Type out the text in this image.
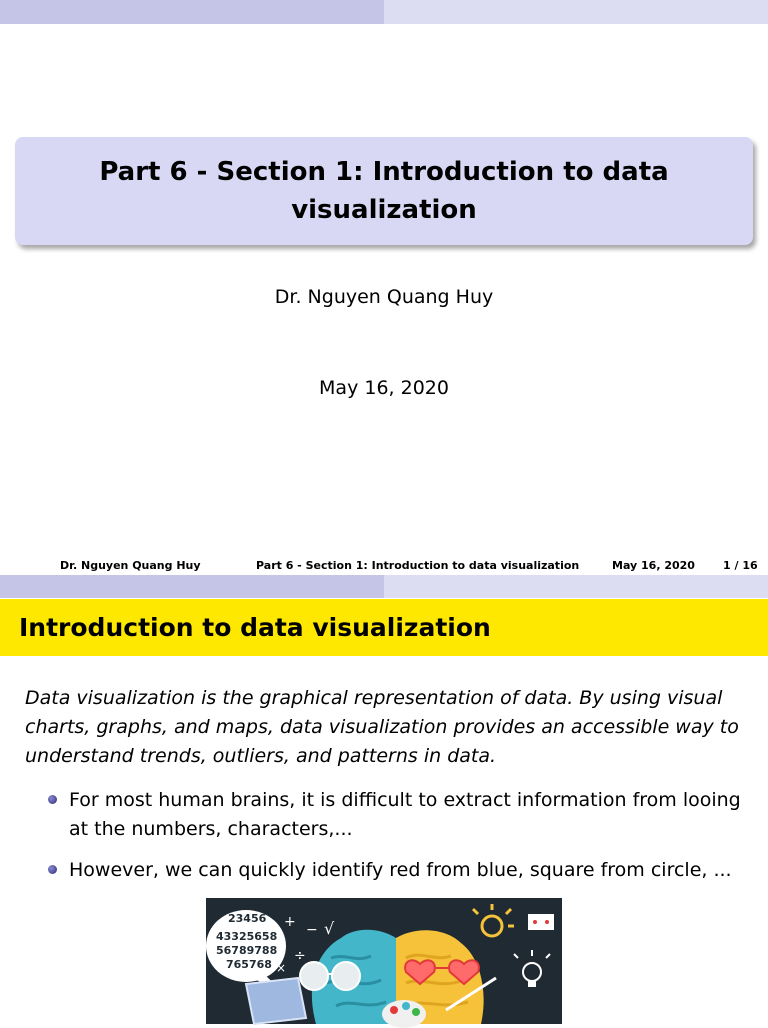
Part 6 - Section 1: Introduction to data visualization
Dr. Nguyen Quang Huy
May 16, 2020
Dr. Nguyen Quang Huy	Part 6 - Section 1: Introduction to data visualization	May 16, 2020	1 / 16
Introduction to data visualization
Data visualization is the graphical representation of data. By using visual charts, graphs, and maps, data visualization provides an accessible way to understand trends, outliers, and patterns in data.
For most human brains, it is difficult to extract information from looing at the numbers, characters,...
However, we can quickly identify red from blue, square from circle, ...
23456
43325658
56789788
765768
+ − √
÷
×
